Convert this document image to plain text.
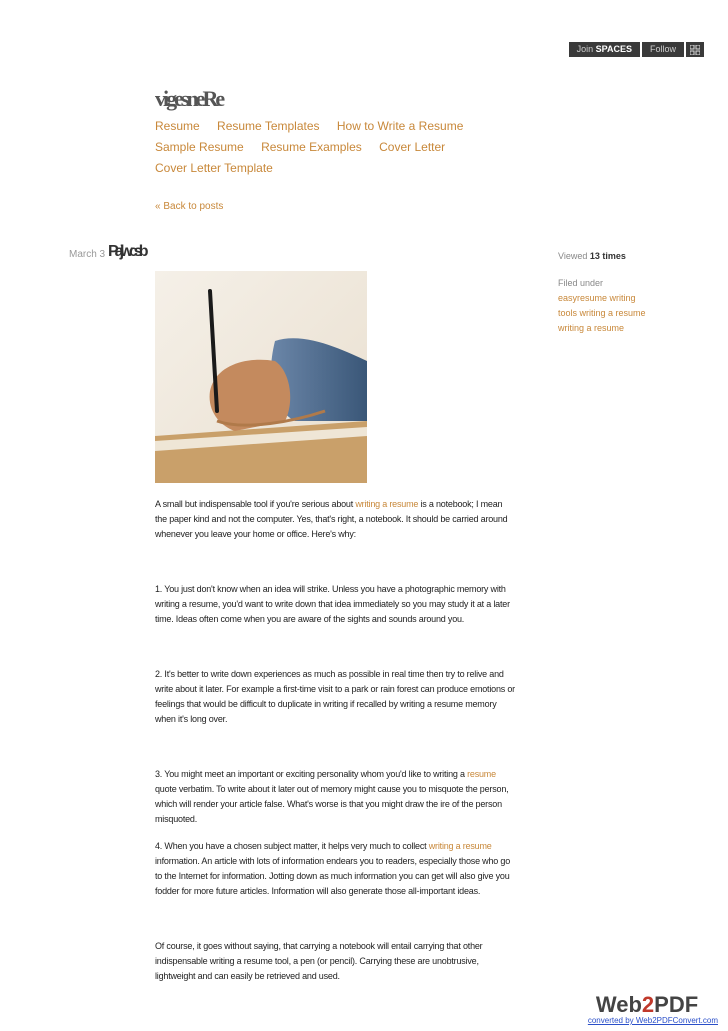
Join SPACES	Follow
vigesneRe
Resume Resume Templates How to Write a Resume
Sample Resume Resume Examples Cover Letter
Cover Letter Template
« Back to posts
March 3 Pajlwcsb

A small but indispensable tool if you're serious about writing a resume is a notebook; I mean the paper kind and not the computer. Yes, that's right, a notebook. It should be carried around whenever you leave your home or office. Here's why:

1. You just don't know when an idea will strike. Unless you have a photographic memory with writing a resume, you'd want to write down that idea immediately so you may study it at a later time. Ideas often come when you are aware of the sights and sounds around you.

2. It's better to write down experiences as much as possible in real time then try to relive and write about it later. For example a first-time visit to a park or rain forest can produce emotions or feelings that would be difficult to duplicate in writing if recalled by writing a resume memory when it's long over.

3. You might meet an important or exciting personality whom you'd like to writing a resume quote verbatim. To write about it later out of memory might cause you to misquote the person, which will render your article false. What's worse is that you might draw the ire of the person misquoted.

4. When you have a chosen subject matter, it helps very much to collect writing a resume information. An article with lots of information endears you to readers, especially those who go to the Internet for information. Jotting down as much information you can get will also give you fodder for more future articles. Information will also generate those all-important ideas.

Of course, it goes without saying, that carrying a notebook will entail carrying that other indispensable writing a resume tool, a pen (or pencil). Carrying these are unobtrusive, lightweight and can easily be retrieved and used.

Viewed 13 times
Filed under
easyresume writing
tools writing a resume
writing a resume
Web2PDF
converted by Web2PDFConvert.com
